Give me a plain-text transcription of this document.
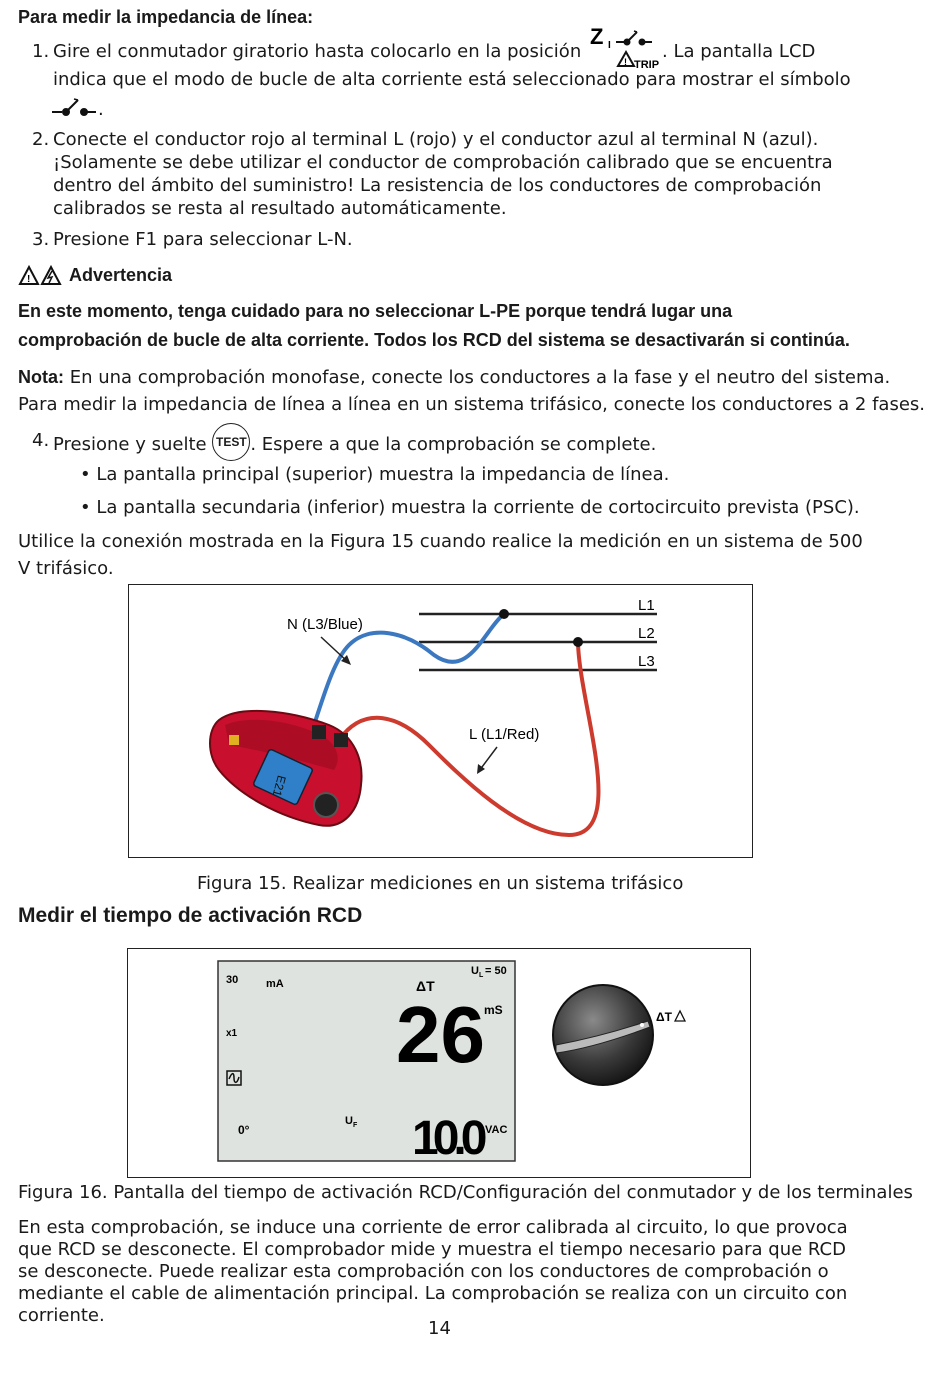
Para medir la impedancia de línea:
1. Gire el conmutador giratorio hasta colocarlo en la posición
Z I
! TRIP
. La pantalla LCD
indica que el modo de bucle de alta corriente está seleccionado para mostrar el símbolo
.
2. Conecte el conductor rojo al terminal L (rojo) y el conductor azul al terminal N (azul).
¡Solamente se debe utilizar el conductor de comprobación calibrado que se encuentra
dentro del ámbito del suministro! La resistencia de los conductores de comprobación
calibrados se resta al resultado automáticamente.
3. Presione F1 para seleccionar L-N.
! Advertencia
En este momento, tenga cuidado para no seleccionar L-PE porque tendrá lugar una
comprobación de bucle de alta corriente. Todos los RCD del sistema se desactivarán si continúa.
Nota: En una comprobación monofase, conecte los conductores a la fase y el neutro del sistema.
Para medir la impedancia de línea a línea en un sistema trifásico, conecte los conductores a 2 fases.
4. Presione y suelte TEST . Espere a que la comprobación se complete.
• La pantalla principal (superior) muestra la impedancia de línea.
• La pantalla secundaria (inferior) muestra la corriente de cortocircuito prevista (PSC).
Utilice la conexión mostrada en la Figura 15 cuando realice la medición en un sistema de 500
V trifásico.
L1
L2
L3
N (L3/Blue)
L (L1/Red)
E21
Figura 15. Realizar mediciones en un sistema trifásico
Medir el tiempo de activación RCD
30	mA
U L = 50
ΔT
26 mS
x1
0°
U F 10.0 VAC
ΔT
Figura 16. Pantalla del tiempo de activación RCD/Configuración del conmutador y de los terminales
En esta comprobación, se induce una corriente de error calibrada al circuito, lo que provoca
que RCD se desconecte. El comprobador mide y muestra el tiempo necesario para que RCD
se desconecte. Puede realizar esta comprobación con los conductores de comprobación o
mediante el cable de alimentación principal. La comprobación se realiza con un circuito con
corriente.
14
